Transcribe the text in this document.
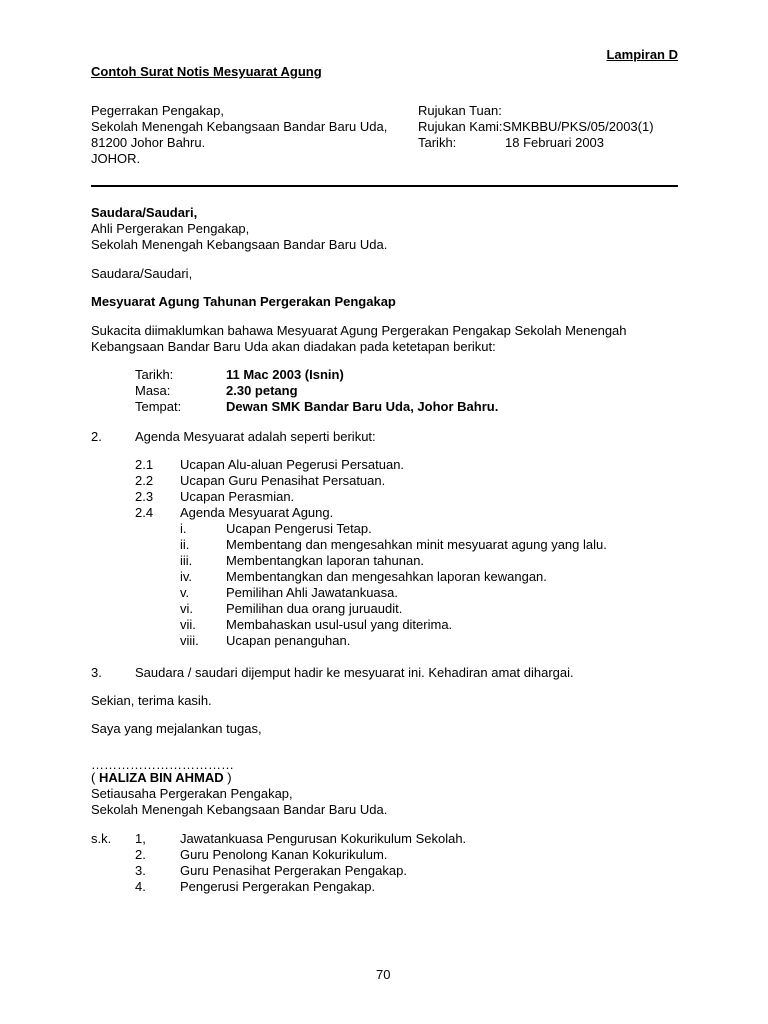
Lampiran D
Contoh Surat Notis Mesyuarat Agung
Pegerrakan Pengakap,
Sekolah Menengah Kebangsaan Bandar Baru Uda,
81200 Johor Bahru.
JOHOR.
Rujukan Tuan:
Rujukan Kami:SMKBBU/PKS/05/2003(1)
Tarikh:	18 Februari 2003
Saudara/Saudari,
Ahli Pergerakan Pengakap,
Sekolah Menengah Kebangsaan Bandar Baru Uda.
Saudara/Saudari,
Mesyuarat Agung Tahunan Pergerakan Pengakap
Sukacita diimaklumkan bahawa Mesyuarat Agung Pergerakan Pengakap Sekolah Menengah
Kebangsaan Bandar Baru Uda akan diadakan pada ketetapan berikut:
Tarikh:	11 Mac 2003 (Isnin)
Masa:	2.30 petang
Tempat:	Dewan SMK Bandar Baru Uda, Johor Bahru.
2.	Agenda Mesyuarat adalah seperti berikut:
2.1 Ucapan Alu-aluan Pegerusi Persatuan.
2.2 Ucapan Guru Penasihat Persatuan.
2.3 Ucapan Perasmian.
2.4 Agenda Mesyuarat Agung.
i.	Ucapan Pengerusi Tetap.
ii.	Membentang dan mengesahkan minit mesyuarat agung yang lalu.
iii.	Membentangkan laporan tahunan.
iv.	Membentangkan dan mengesahkan laporan kewangan.
v.	Pemilihan Ahli Jawatankuasa.
vi.	Pemilihan dua orang juruaudit.
vii. Membahaskan usul-usul yang diterima.
viii. Ucapan penanguhan.
3.	Saudara / saudari dijemput hadir ke mesyuarat ini. Kehadiran amat dihargai.
Sekian, terima kasih.
Saya yang mejalankan tugas,
……………………………
( HALIZA BIN AHMAD )
Setiausaha Pergerakan Pengakap,
Sekolah Menengah Kebangsaan Bandar Baru Uda.
s.k. 1,	Jawatankuasa Pengurusan Kokurikulum Sekolah.
2.	Guru Penolong Kanan Kokurikulum.
3.	Guru Penasihat Pergerakan Pengakap.
4.	Pengerusi Pergerakan Pengakap.
70
